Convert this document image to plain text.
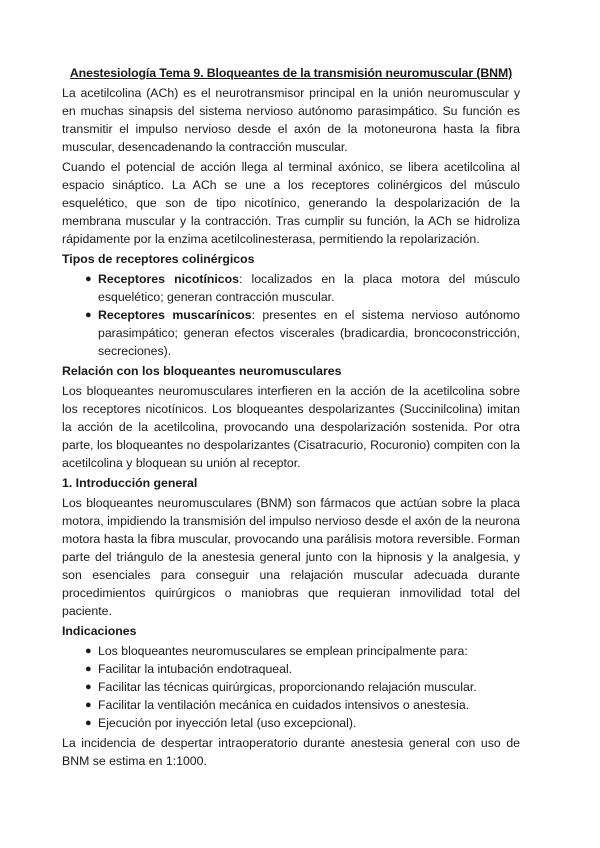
Anestesiología Tema 9. Bloqueantes de la transmisión neuromuscular (BNM)

La acetilcolina (ACh) es el neurotransmisor principal en la unión neuromuscular y en muchas sinapsis del sistema nervioso autónomo parasimpático. Su función es transmitir el impulso nervioso desde el axón de la motoneurona hasta la fibra muscular, desencadenando la contracción muscular.

Cuando el potencial de acción llega al terminal axónico, se libera acetilcolina al espacio sináptico. La ACh se une a los receptores colinérgicos del músculo esquelético, que son de tipo nicotínico, generando la despolarización de la membrana muscular y la contracción. Tras cumplir su función, la ACh se hidroliza rápidamente por la enzima acetilcolinesterasa, permitiendo la repolarización.

Tipos de receptores colinérgicos
● Receptores nicotínicos: localizados en la placa motora del músculo esquelético; generan contracción muscular.
● Receptores muscarínicos: presentes en el sistema nervioso autónomo parasimpático; generan efectos viscerales (bradicardia, broncoconstricción, secreciones).
Relación con los bloqueantes neuromusculares

Los bloqueantes neuromusculares interfieren en la acción de la acetilcolina sobre los receptores nicotínicos. Los bloqueantes despolarizantes (Succinilcolina) imitan la acción de la acetilcolina, provocando una despolarización sostenida. Por otra parte, los bloqueantes no despolarizantes (Cisatracurio, Rocuronio) compiten con la acetilcolina y bloquean su unión al receptor.

1. Introducción general

Los bloqueantes neuromusculares (BNM) son fármacos que actúan sobre la placa motora, impidiendo la transmisión del impulso nervioso desde el axón de la neurona motora hasta la fibra muscular, provocando una parálisis motora reversible. Forman parte del triángulo de la anestesia general junto con la hipnosis y la analgesia, y son esenciales para conseguir una relajación muscular adecuada durante procedimientos quirúrgicos o maniobras que requieran inmovilidad total del paciente.

Indicaciones
● Los bloqueantes neuromusculares se emplean principalmente para:
● Facilitar la intubación endotraqueal.
● Facilitar las técnicas quirúrgicas, proporcionando relajación muscular.
● Facilitar la ventilación mecánica en cuidados intensivos o anestesia.
● Ejecución por inyección letal (uso excepcional).

La incidencia de despertar intraoperatorio durante anestesia general con uso de BNM se estima en 1:1000.
